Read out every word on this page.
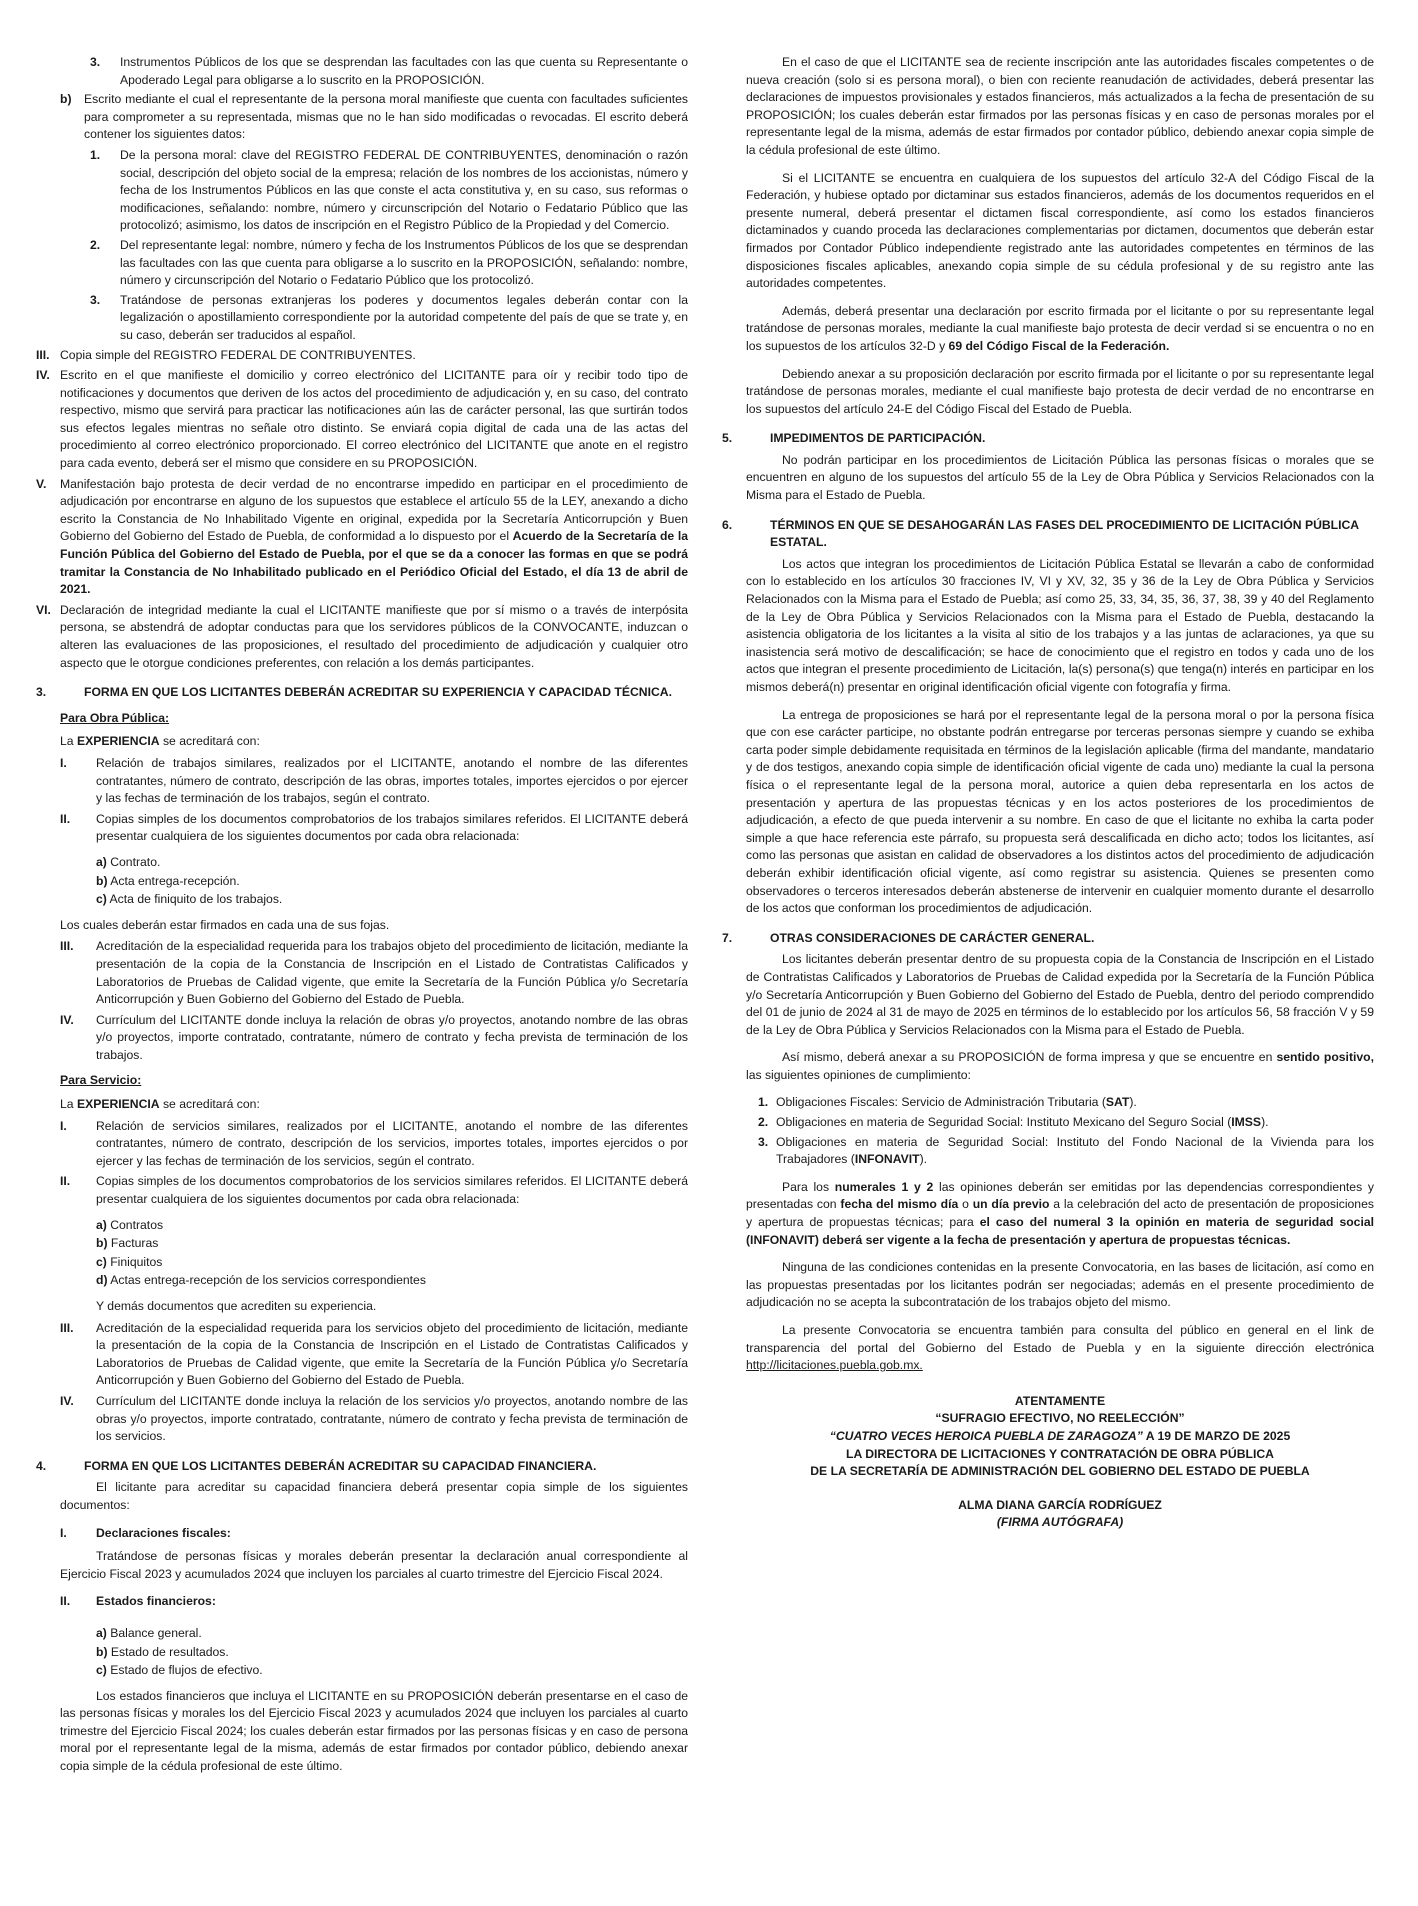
3. Instrumentos Públicos de los que se desprendan las facultades con las que cuenta su Representante o Apoderado Legal para obligarse a lo suscrito en la PROPOSICIÓN.
b) Escrito mediante el cual el representante de la persona moral manifieste que cuenta con facultades suficientes para comprometer a su representada, mismas que no le han sido modificadas o revocadas. El escrito deberá contener los siguientes datos:
1. De la persona moral: clave del REGISTRO FEDERAL DE CONTRIBUYENTES, denominación o razón social, descripción del objeto social de la empresa; relación de los nombres de los accionistas, número y fecha de los Instrumentos Públicos en las que conste el acta constitutiva y, en su caso, sus reformas o modificaciones, señalando: nombre, número y circunscripción del Notario o Fedatario Público que las protocolizó; asimismo, los datos de inscripción en el Registro Público de la Propiedad y del Comercio.
2. Del representante legal: nombre, número y fecha de los Instrumentos Públicos de los que se desprendan las facultades con las que cuenta para obligarse a lo suscrito en la PROPOSICIÓN, señalando: nombre, número y circunscripción del Notario o Fedatario Público que los protocolizó.
3. Tratándose de personas extranjeras los poderes y documentos legales deberán contar con la legalización o apostillamiento correspondiente por la autoridad competente del país de que se trate y, en su caso, deberán ser traducidos al español.
III. Copia simple del REGISTRO FEDERAL DE CONTRIBUYENTES.
IV. Escrito en el que manifieste el domicilio y correo electrónico del LICITANTE para oír y recibir todo tipo de notificaciones y documentos que deriven de los actos del procedimiento de adjudicación y, en su caso, del contrato respectivo, mismo que servirá para practicar las notificaciones aún las de carácter personal, las que surtirán todos sus efectos legales mientras no señale otro distinto. Se enviará copia digital de cada una de las actas del procedimiento al correo electrónico proporcionado. El correo electrónico del LICITANTE que anote en el registro para cada evento, deberá ser el mismo que considere en su PROPOSICIÓN.
V. Manifestación bajo protesta de decir verdad de no encontrarse impedido en participar en el procedimiento de adjudicación por encontrarse en alguno de los supuestos que establece el artículo 55 de la LEY, anexando a dicho escrito la Constancia de No Inhabilitado Vigente en original, expedida por la Secretaría Anticorrupción y Buen Gobierno del Gobierno del Estado de Puebla, de conformidad a lo dispuesto por el Acuerdo de la Secretaría de la Función Pública del Gobierno del Estado de Puebla, por el que se da a conocer las formas en que se podrá tramitar la Constancia de No Inhabilitado publicado en el Periódico Oficial del Estado, el día 13 de abril de 2021.
VI. Declaración de integridad mediante la cual el LICITANTE manifieste que por sí mismo o a través de interpósita persona, se abstendrá de adoptar conductas para que los servidores públicos de la CONVOCANTE, induzcan o alteren las evaluaciones de las proposiciones, el resultado del procedimiento de adjudicación y cualquier otro aspecto que le otorgue condiciones preferentes, con relación a los demás participantes.
3.	FORMA EN QUE LOS LICITANTES DEBERÁN ACREDITAR SU EXPERIENCIA Y CAPACIDAD TÉCNICA.
Para Obra Pública:
La EXPERIENCIA se acreditará con:
I. Relación de trabajos similares, realizados por el LICITANTE, anotando el nombre de las diferentes contratantes, número de contrato, descripción de las obras, importes totales, importes ejercidos o por ejercer y las fechas de terminación de los trabajos, según el contrato.
II. Copias simples de los documentos comprobatorios de los trabajos similares referidos. El LICITANTE deberá presentar cualquiera de los siguientes documentos por cada obra relacionada:
a) Contrato.
b) Acta entrega-recepción.
c) Acta de finiquito de los trabajos.
Los cuales deberán estar firmados en cada una de sus fojas.
III. Acreditación de la especialidad requerida para los trabajos objeto del procedimiento de licitación, mediante la presentación de la copia de la Constancia de Inscripción en el Listado de Contratistas Calificados y Laboratorios de Pruebas de Calidad vigente, que emite la Secretaría de la Función Pública y/o Secretaría Anticorrupción y Buen Gobierno del Gobierno del Estado de Puebla.
IV. Currículum del LICITANTE donde incluya la relación de obras y/o proyectos, anotando nombre de las obras y/o proyectos, importe contratado, contratante, número de contrato y fecha prevista de terminación de los trabajos.
Para Servicio:
La EXPERIENCIA se acreditará con:
I. Relación de servicios similares, realizados por el LICITANTE, anotando el nombre de las diferentes contratantes, número de contrato, descripción de los servicios, importes totales, importes ejercidos o por ejercer y las fechas de terminación de los servicios, según el contrato.
II. Copias simples de los documentos comprobatorios de los servicios similares referidos. El LICITANTE deberá presentar cualquiera de los siguientes documentos por cada obra relacionada:
a) Contratos
b) Facturas
c) Finiquitos
d) Actas entrega-recepción de los servicios correspondientes
Y demás documentos que acrediten su experiencia.
III. Acreditación de la especialidad requerida para los servicios objeto del procedimiento de licitación, mediante la presentación de la copia de la Constancia de Inscripción en el Listado de Contratistas Calificados y Laboratorios de Pruebas de Calidad vigente, que emite la Secretaría de la Función Pública y/o Secretaría Anticorrupción y Buen Gobierno del Gobierno del Estado de Puebla.
IV. Currículum del LICITANTE donde incluya la relación de los servicios y/o proyectos, anotando nombre de las obras y/o proyectos, importe contratado, contratante, número de contrato y fecha prevista de terminación de los servicios.
4.	FORMA EN QUE LOS LICITANTES DEBERÁN ACREDITAR SU CAPACIDAD FINANCIERA.
El licitante para acreditar su capacidad financiera deberá presentar copia simple de los siguientes documentos:
I. Declaraciones fiscales:
Tratándose de personas físicas y morales deberán presentar la declaración anual correspondiente al Ejercicio Fiscal 2023 y acumulados 2024 que incluyen los parciales al cuarto trimestre del Ejercicio Fiscal 2024.
II. Estados financieros:
a) Balance general.
b) Estado de resultados.
c) Estado de flujos de efectivo.
Los estados financieros que incluya el LICITANTE en su PROPOSICIÓN deberán presentarse en el caso de las personas físicas y morales los del Ejercicio Fiscal 2023 y acumulados 2024 que incluyen los parciales al cuarto trimestre del Ejercicio Fiscal 2024; los cuales deberán estar firmados por las personas físicas y en caso de persona moral por el representante legal de la misma, además de estar firmados por contador público, debiendo anexar copia simple de la cédula profesional de este último.
En el caso de que el LICITANTE sea de reciente inscripción ante las autoridades fiscales competentes o de nueva creación (solo si es persona moral), o bien con reciente reanudación de actividades, deberá presentar las declaraciones de impuestos provisionales y estados financieros, más actualizados a la fecha de presentación de su PROPOSICIÓN; los cuales deberán estar firmados por las personas físicas y en caso de personas morales por el representante legal de la misma, además de estar firmados por contador público, debiendo anexar copia simple de la cédula profesional de este último.
Si el LICITANTE se encuentra en cualquiera de los supuestos del artículo 32-A del Código Fiscal de la Federación, y hubiese optado por dictaminar sus estados financieros, además de los documentos requeridos en el presente numeral, deberá presentar el dictamen fiscal correspondiente, así como los estados financieros dictaminados y cuando proceda las declaraciones complementarias por dictamen, documentos que deberán estar firmados por Contador Público independiente registrado ante las autoridades competentes en términos de las disposiciones fiscales aplicables, anexando copia simple de su cédula profesional y de su registro ante las autoridades competentes.
Además, deberá presentar una declaración por escrito firmada por el licitante o por su representante legal tratándose de personas morales, mediante la cual manifieste bajo protesta de decir verdad si se encuentra o no en los supuestos de los artículos 32-D y 69 del Código Fiscal de la Federación.
Debiendo anexar a su proposición declaración por escrito firmada por el licitante o por su representante legal tratándose de personas morales, mediante el cual manifieste bajo protesta de decir verdad de no encontrarse en los supuestos del artículo 24-E del Código Fiscal del Estado de Puebla.
5.	IMPEDIMENTOS DE PARTICIPACIÓN.
No podrán participar en los procedimientos de Licitación Pública las personas físicas o morales que se encuentren en alguno de los supuestos del artículo 55 de la Ley de Obra Pública y Servicios Relacionados con la Misma para el Estado de Puebla.
6.	TÉRMINOS EN QUE SE DESAHOGARÁN LAS FASES DEL PROCEDIMIENTO DE LICITACIÓN PÚBLICA ESTATAL.
Los actos que integran los procedimientos de Licitación Pública Estatal se llevarán a cabo de conformidad con lo establecido en los artículos 30 fracciones IV, VI y XV, 32, 35 y 36 de la Ley de Obra Pública y Servicios Relacionados con la Misma para el Estado de Puebla; así como 25, 33, 34, 35, 36, 37, 38, 39 y 40 del Reglamento de la Ley de Obra Pública y Servicios Relacionados con la Misma para el Estado de Puebla, destacando la asistencia obligatoria de los licitantes a la visita al sitio de los trabajos y a las juntas de aclaraciones, ya que su inasistencia será motivo de descalificación; se hace de conocimiento que el registro en todos y cada uno de los actos que integran el presente procedimiento de Licitación, la(s) persona(s) que tenga(n) interés en participar en los mismos deberá(n) presentar en original identificación oficial vigente con fotografía y firma.
La entrega de proposiciones se hará por el representante legal de la persona moral o por la persona física que con ese carácter participe, no obstante podrán entregarse por terceras personas siempre y cuando se exhiba carta poder simple debidamente requisitada en términos de la legislación aplicable (firma del mandante, mandatario y de dos testigos, anexando copia simple de identificación oficial vigente de cada uno) mediante la cual la persona física o el representante legal de la persona moral, autorice a quien deba representarla en los actos de presentación y apertura de las propuestas técnicas y en los actos posteriores de los procedimientos de adjudicación, a efecto de que pueda intervenir a su nombre. En caso de que el licitante no exhiba la carta poder simple a que hace referencia este párrafo, su propuesta será descalificada en dicho acto; todos los licitantes, así como las personas que asistan en calidad de observadores a los distintos actos del procedimiento de adjudicación deberán exhibir identificación oficial vigente, así como registrar su asistencia. Quienes se presenten como observadores o terceros interesados deberán abstenerse de intervenir en cualquier momento durante el desarrollo de los actos que conforman los procedimientos de adjudicación.
7.	OTRAS CONSIDERACIONES DE CARÁCTER GENERAL.
Los licitantes deberán presentar dentro de su propuesta copia de la Constancia de Inscripción en el Listado de Contratistas Calificados y Laboratorios de Pruebas de Calidad expedida por la Secretaría de la Función Pública y/o Secretaría Anticorrupción y Buen Gobierno del Gobierno del Estado de Puebla, dentro del periodo comprendido del 01 de junio de 2024 al 31 de mayo de 2025 en términos de lo establecido por los artículos 56, 58 fracción V y 59 de la Ley de Obra Pública y Servicios Relacionados con la Misma para el Estado de Puebla.
Así mismo, deberá anexar a su PROPOSICIÓN de forma impresa y que se encuentre en sentido positivo, las siguientes opiniones de cumplimiento:
1. Obligaciones Fiscales: Servicio de Administración Tributaria (SAT).
2. Obligaciones en materia de Seguridad Social: Instituto Mexicano del Seguro Social (IMSS).
3. Obligaciones en materia de Seguridad Social: Instituto del Fondo Nacional de la Vivienda para los Trabajadores (INFONAVIT).
Para los numerales 1 y 2 las opiniones deberán ser emitidas por las dependencias correspondientes y presentadas con fecha del mismo día o un día previo a la celebración del acto de presentación de proposiciones y apertura de propuestas técnicas; para el caso del numeral 3 la opinión en materia de seguridad social (INFONAVIT) deberá ser vigente a la fecha de presentación y apertura de propuestas técnicas.
Ninguna de las condiciones contenidas en la presente Convocatoria, en las bases de licitación, así como en las propuestas presentadas por los licitantes podrán ser negociadas; además en el presente procedimiento de adjudicación no se acepta la subcontratación de los trabajos objeto del mismo.
La presente Convocatoria se encuentra también para consulta del público en general en el link de transparencia del portal del Gobierno del Estado de Puebla y en la siguiente dirección electrónica http://licitaciones.puebla.gob.mx.
ATENTAMENTE
“SUFRAGIO EFECTIVO, NO REELECCIÓN”
“CUATRO VECES HEROICA PUEBLA DE ZARAGOZA” A 19 DE MARZO DE 2025
LA DIRECTORA DE LICITACIONES Y CONTRATACIÓN DE OBRA PÚBLICA
DE LA SECRETARÍA DE ADMINISTRACIÓN DEL GOBIERNO DEL ESTADO DE PUEBLA
ALMA DIANA GARCÍA RODRÍGUEZ
(FIRMA AUTÓGRAFA)
